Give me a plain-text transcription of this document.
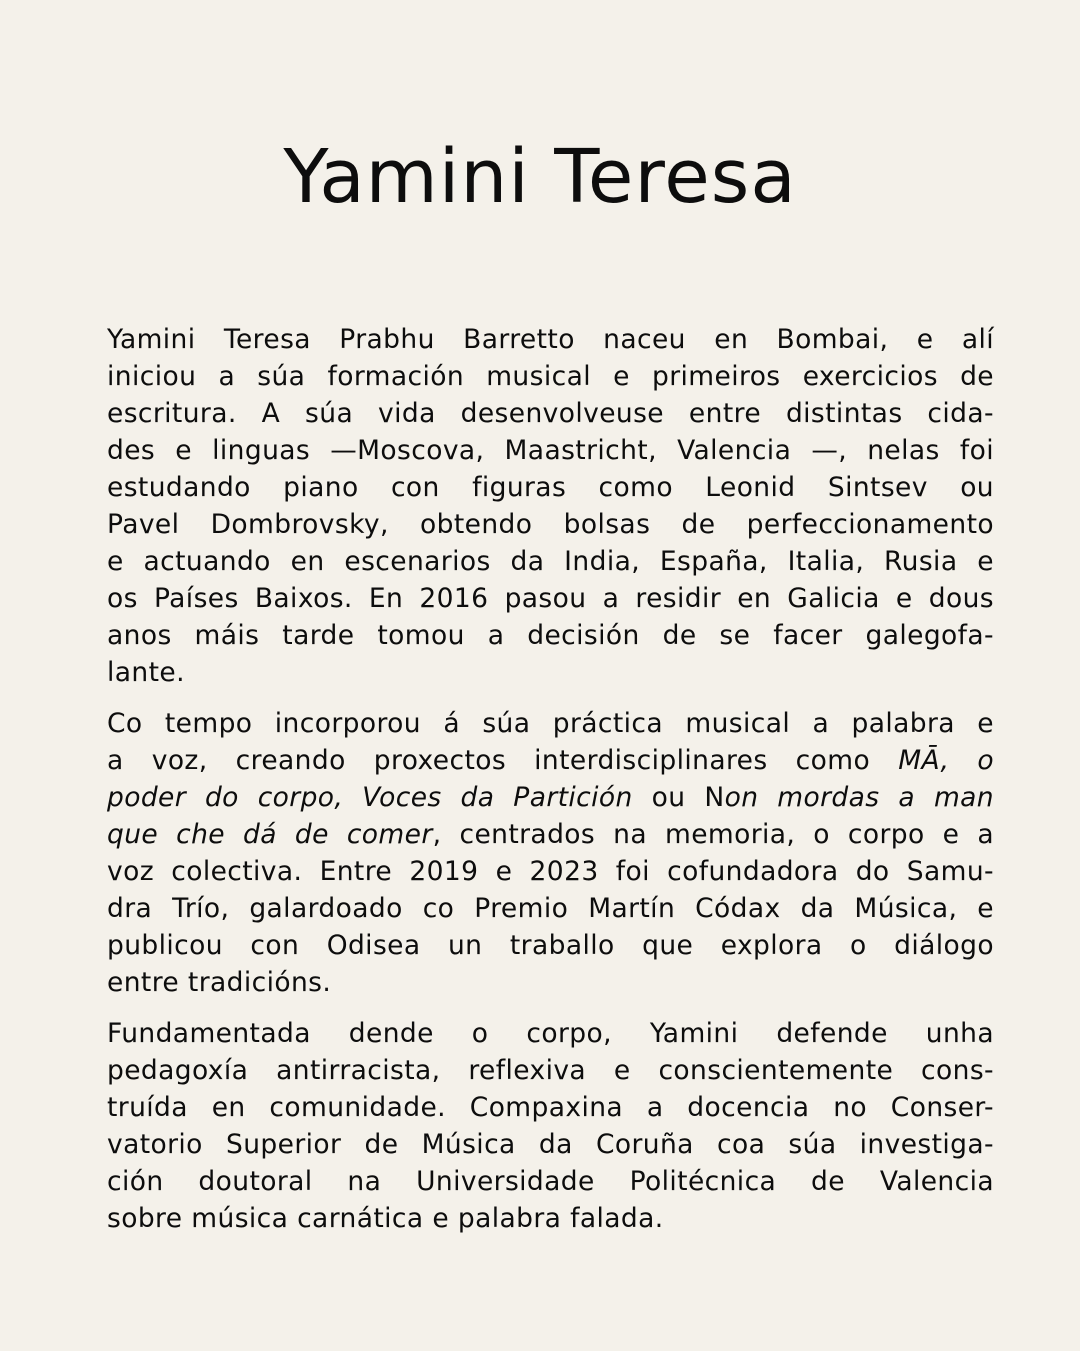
Yamini Teresa

Yamini Teresa Prabhu Barretto naceu en Bombai, e alí
iniciou a súa formación musical e primeiros exercicios de
escritura. A súa vida desenvolveuse entre distintas cida-
des e linguas —Moscova, Maastricht, Valencia —, nelas foi
estudando piano con figuras como Leonid Sintsev ou
Pavel Dombrovsky, obtendo bolsas de perfeccionamento
e actuando en escenarios da India, España, Italia, Rusia e
os Países Baixos. En 2016 pasou a residir en Galicia e dous
anos máis tarde tomou a decisión de se facer galegofa-
lante.

Co tempo incorporou á súa práctica musical a palabra e
a voz, creando proxectos interdisciplinares como MĀ, o
poder do corpo, Voces da Partición ou Non mordas a man
que che dá de comer, centrados na memoria, o corpo e a
voz colectiva. Entre 2019 e 2023 foi cofundadora do Samu-
dra Trío, galardoado co Premio Martín Códax da Música, e
publicou con Odisea un traballo que explora o diálogo
entre tradicións.

Fundamentada dende o corpo, Yamini defende unha
pedagoxía antirracista, reflexiva e conscientemente cons-
truída en comunidade. Compaxina a docencia no Conser-
vatorio Superior de Música da Coruña coa súa investiga-
ción doutoral na Universidade Politécnica de Valencia
sobre música carnática e palabra falada.
